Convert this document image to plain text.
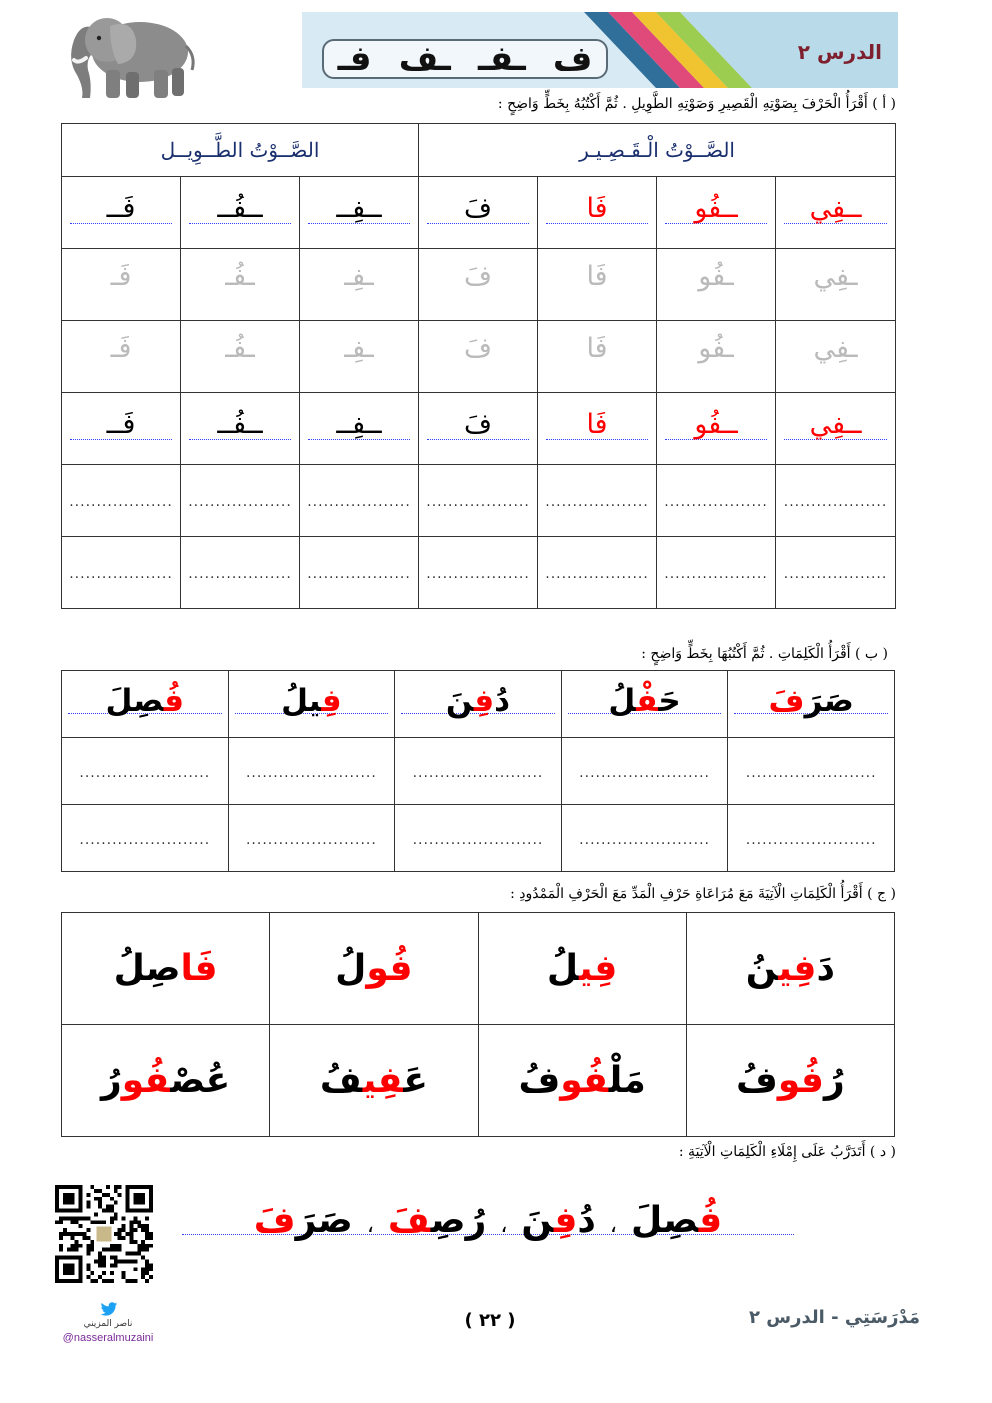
ف
ـفـ
ـف
فـ	الدرس ٢
( أ ) أَقْرَأُ الْحَرْفَ بِصَوْتِهِ الْقَصِيرِ وَصَوْتِهِ الطَّوِيلِ . ثُمَّ أَكْتُبُهُ بِخَطٍّ وَاضِحٍ :
الصَّــوْتُ الطَّــوِيــل			الصَّــوْتُ الْـقَـصِـيـر			

فَــ	ــفُــ	ــفِــ	فَ	فَا	ــفُو	ــفِي

فَـ	ـفُـ	ـفِـ	فَ	فَا	ـفُو	ـفِي

فَـ	ـفُـ	ـفِـ	فَ	فَا	ـفُو	ـفِي

فَــ	ــفُــ	ــفِــ	فَ	فَا	ــفُو	ــفِي

...................	...................	...................	...................	...................	...................	...................
...................	...................	...................	...................	...................	...................	...................
( ب ) أَقْرَأُ الْكَلِمَاتِ . ثُمَّ أَكْتُبُهَا بِخَطٍّ وَاضِحٍ :
فُصِلَ	فِيلُ	دُفِنَ	حَفْلُ	صَرَفَ

........................	........................	........................	........................	........................
........................	........................	........................	........................	........................
( ج ) أَقْرَأُ الْكَلِمَاتِ الْآتِيَةَ مَعَ مُرَاعَاةِ حَرْفِ الْمَدِّ مَعَ الْحَرْفِ الْمَمْدُودِ :
فَاصِلُ	فُولُ	فِيلُ	دَفِينُ
عُصْفُورُ	عَفِيفُ	مَلْفُوفُ	رُفُوفُ
( د ) أَتَدَرَّبُ عَلَى إِمْلَاءِ الْكَلِمَاتِ الْآتِيَةِ :
فُصِلَ،دُفِنَ،رُصِفَ،صَرَفَ
( ٢٢ )	مَدْرَسَتِي - الدرس ٢
ناصر المزيني
@nasseralmuzaini
